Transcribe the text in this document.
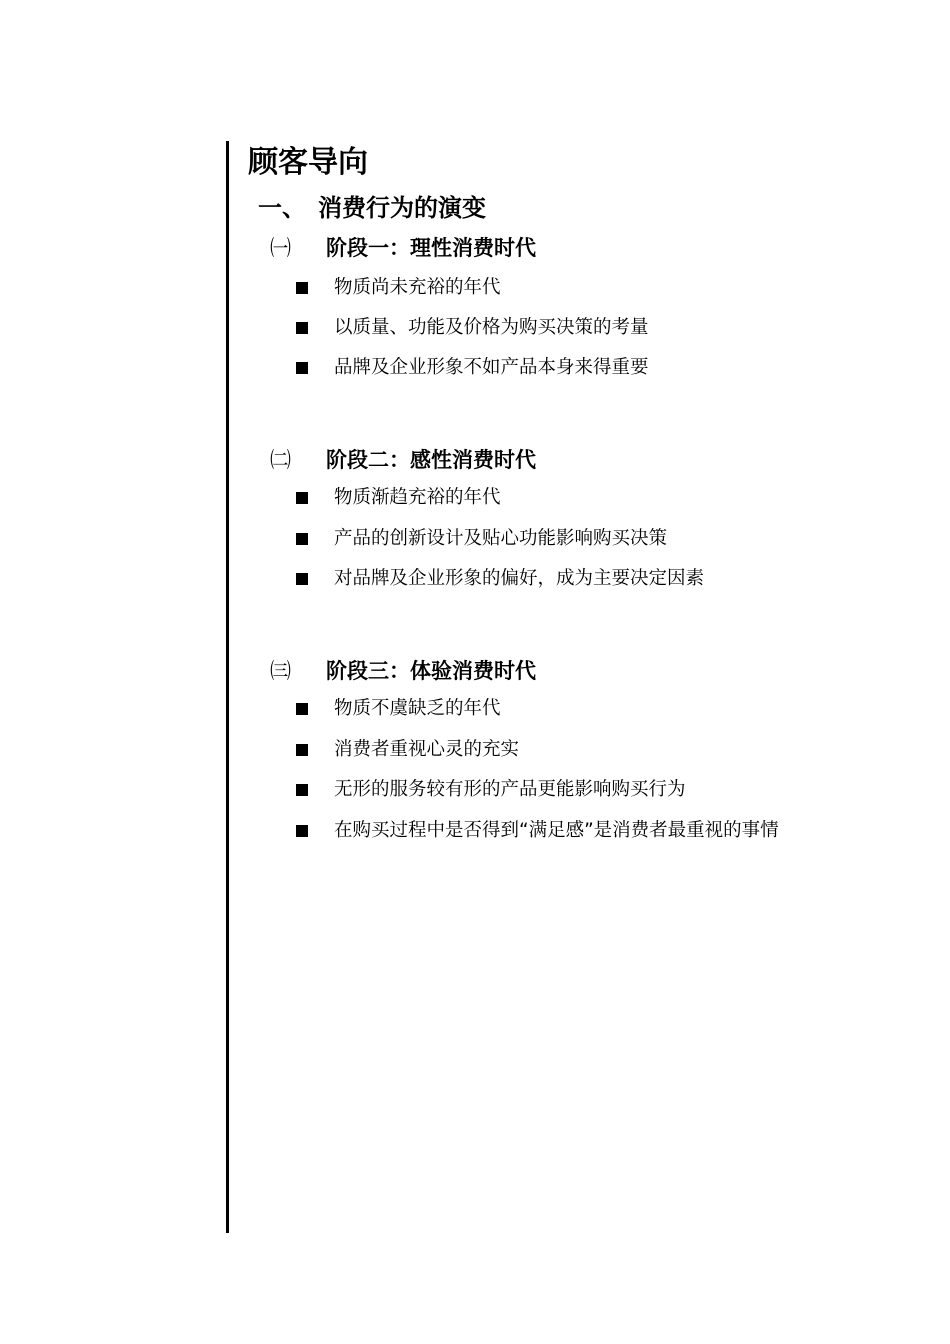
顾客导向
一、 消费行为的演变
㈠ 阶段一：理性消费时代
物质尚未充裕的年代
以质量、功能及价格为购买决策的考量
品牌及企业形象不如产品本身来得重要
㈡ 阶段二：感性消费时代
物质渐趋充裕的年代
产品的创新设计及贴心功能影响购买决策
对品牌及企业形象的偏好，成为主要决定因素
㈢ 阶段三：体验消费时代
物质不虞缺乏的年代
消费者重视心灵的充实
无形的服务较有形的产品更能影响购买行为
在购买过程中是否得到“满足感”是消费者最重视的事情
